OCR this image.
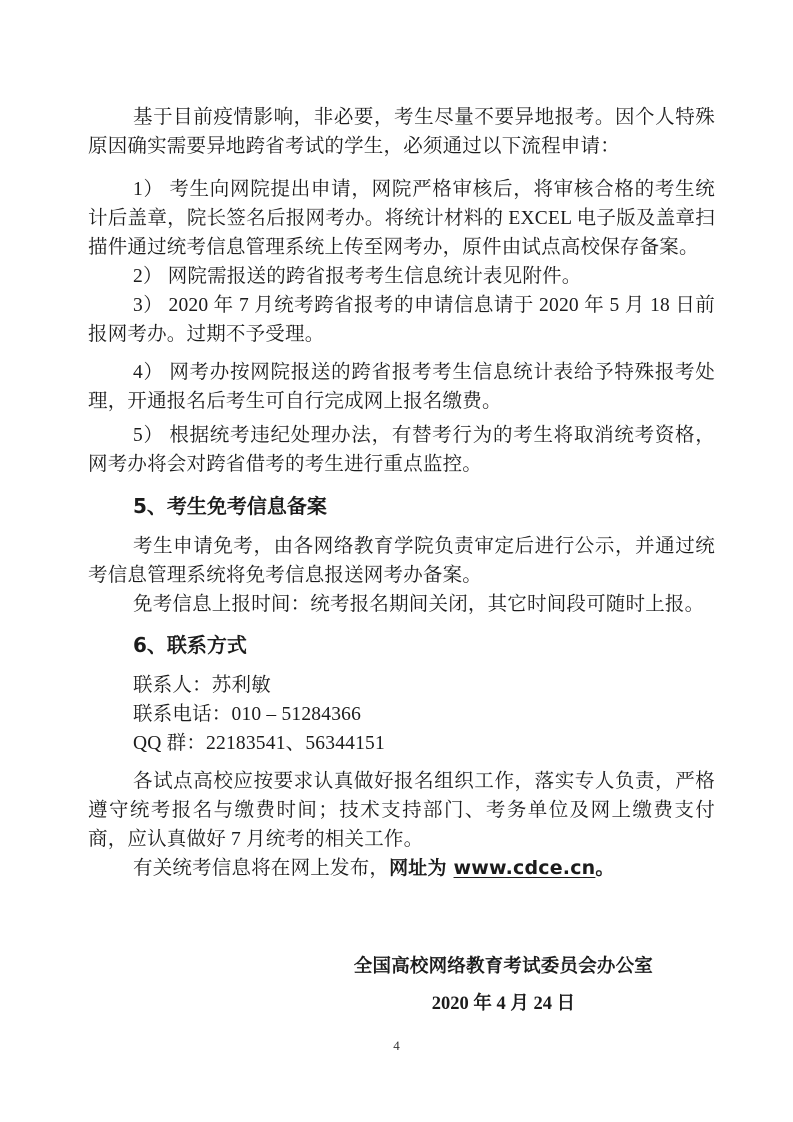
基于目前疫情影响，非必要，考生尽量不要异地报考。因个人特殊原因确实需要异地跨省考试的学生，必须通过以下流程申请：

1） 考生向网院提出申请，网院严格审核后，将审核合格的考生统计后盖章，院长签名后报网考办。将统计材料的 EXCEL 电子版及盖章扫描件通过统考信息管理系统上传至网考办，原件由试点高校保存备案。

2） 网院需报送的跨省报考考生信息统计表见附件。

3） 2020 年 7 月统考跨省报考的申请信息请于 2020 年 5 月 18 日前报网考办。过期不予受理。

4） 网考办按网院报送的跨省报考考生信息统计表给予特殊报考处理，开通报名后考生可自行完成网上报名缴费。

5） 根据统考违纪处理办法，有替考行为的考生将取消统考资格，网考办将会对跨省借考的考生进行重点监控。

5、考生免考信息备案

考生申请免考，由各网络教育学院负责审定后进行公示，并通过统考信息管理系统将免考信息报送网考办备案。

免考信息上报时间：统考报名期间关闭，其它时间段可随时上报。

6、联系方式

联系人：苏利敏

联系电话：010 – 51284366

QQ 群：22183541、56344151

各试点高校应按要求认真做好报名组织工作，落实专人负责，严格遵守统考报名与缴费时间；技术支持部门、考务单位及网上缴费支付商，应认真做好 7 月统考的相关工作。

有关统考信息将在网上发布，网址为 www.cdce.cn。

全国高校网络教育考试委员会办公室
2020 年 4 月 24 日
4
